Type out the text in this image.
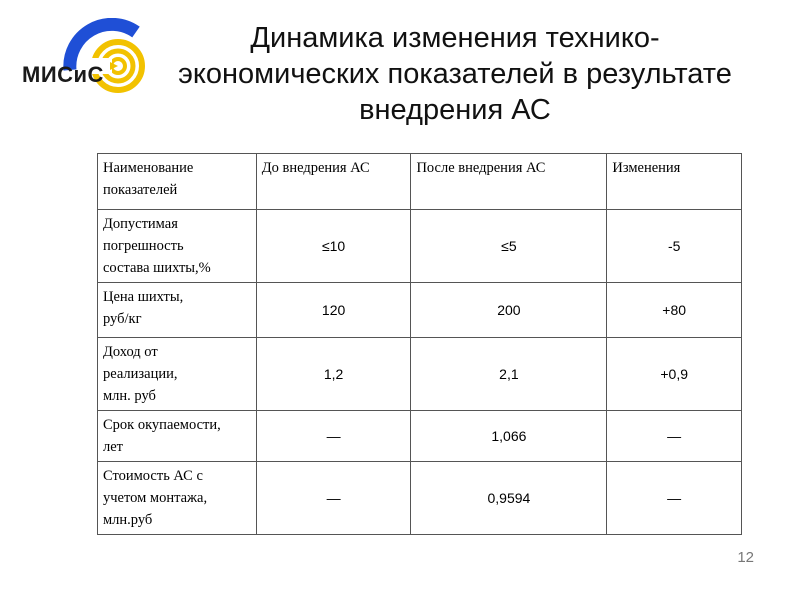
МИСиС
Динамика изменения технико-
экономических показателей в результате
внедрения АС
Наименование показателей	До внедрения АС	После внедрения АС	Изменения

Допустимая
погрешность
состава шихты,%	≤10	≤5	-5

Цена шихты,
руб/кг	120	200	+80

Доход от
реализации,
млн. руб	1,2	2,1	+0,9

Срок окупаемости,
лет	—	1,066	—

Стоимость АС с
учетом монтажа,
млн.руб	—	0,9594	—
12
